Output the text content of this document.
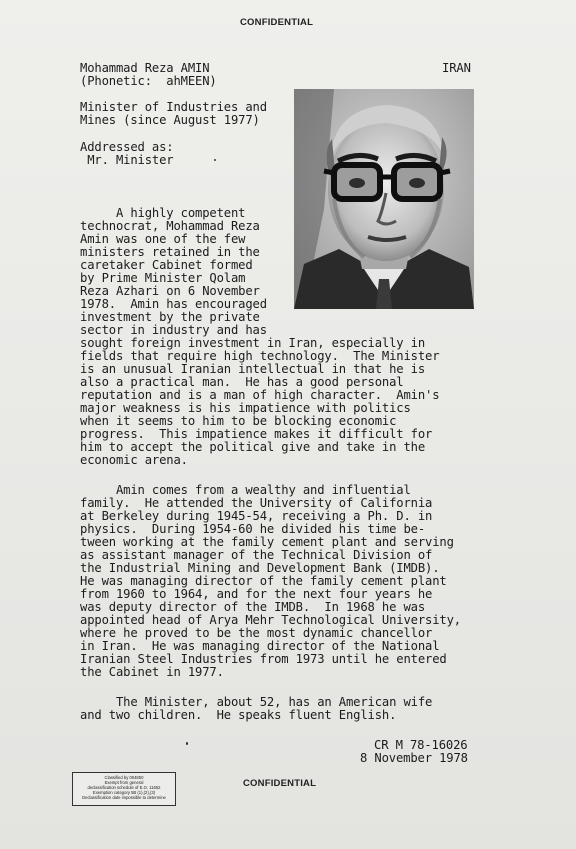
CONFIDENTIAL
Mohammad Reza AMIN
(Phonetic:  ahMEEN)
IRAN
Minister of Industries and
Mines (since August 1977)
Addressed as:
Mr. Minister
A highly competent
technocrat, Mohammad Reza
Amin was one of the few
ministers retained in the
caretaker Cabinet formed
by Prime Minister Qolam
Reza Azhari on 6 November
1978.  Amin has encouraged
investment by the private
sector in industry and has
sought foreign investment in Iran, especially in
fields that require high technology.  The Minister
is an unusual Iranian intellectual in that he is
also a practical man.  He has a good personal
reputation and is a man of high character.  Amin's
major weakness is his impatience with politics
when it seems to him to be blocking economic
progress.  This impatience makes it difficult for
him to accept the political give and take in the
economic arena.
Amin comes from a wealthy and influential
family.  He attended the University of California
at Berkeley during 1945-54, receiving a Ph. D. in
physics.  During 1954-60 he divided his time be-
tween working at the family cement plant and serving
as assistant manager of the Technical Division of
the Industrial Mining and Development Bank (IMDB).
He was managing director of the family cement plant
from 1960 to 1964, and for the next four years he
was deputy director of the IMDB.  In 1968 he was
appointed head of Arya Mehr Technological University,
where he proved to be the most dynamic chancellor
in Iran.  He was managing director of the National
Iranian Steel Industries from 1973 until he entered
the Cabinet in 1977.
The Minister, about 52, has an American wife
and two children.  He speaks fluent English.
CR M 78-16026
8 November 1978
Classified by 004850
Exempt from general
declassification schedule of E.O. 11652
Exemption category 5B (1),(2),(3)
Declassification date impossible to determine
CONFIDENTIAL
